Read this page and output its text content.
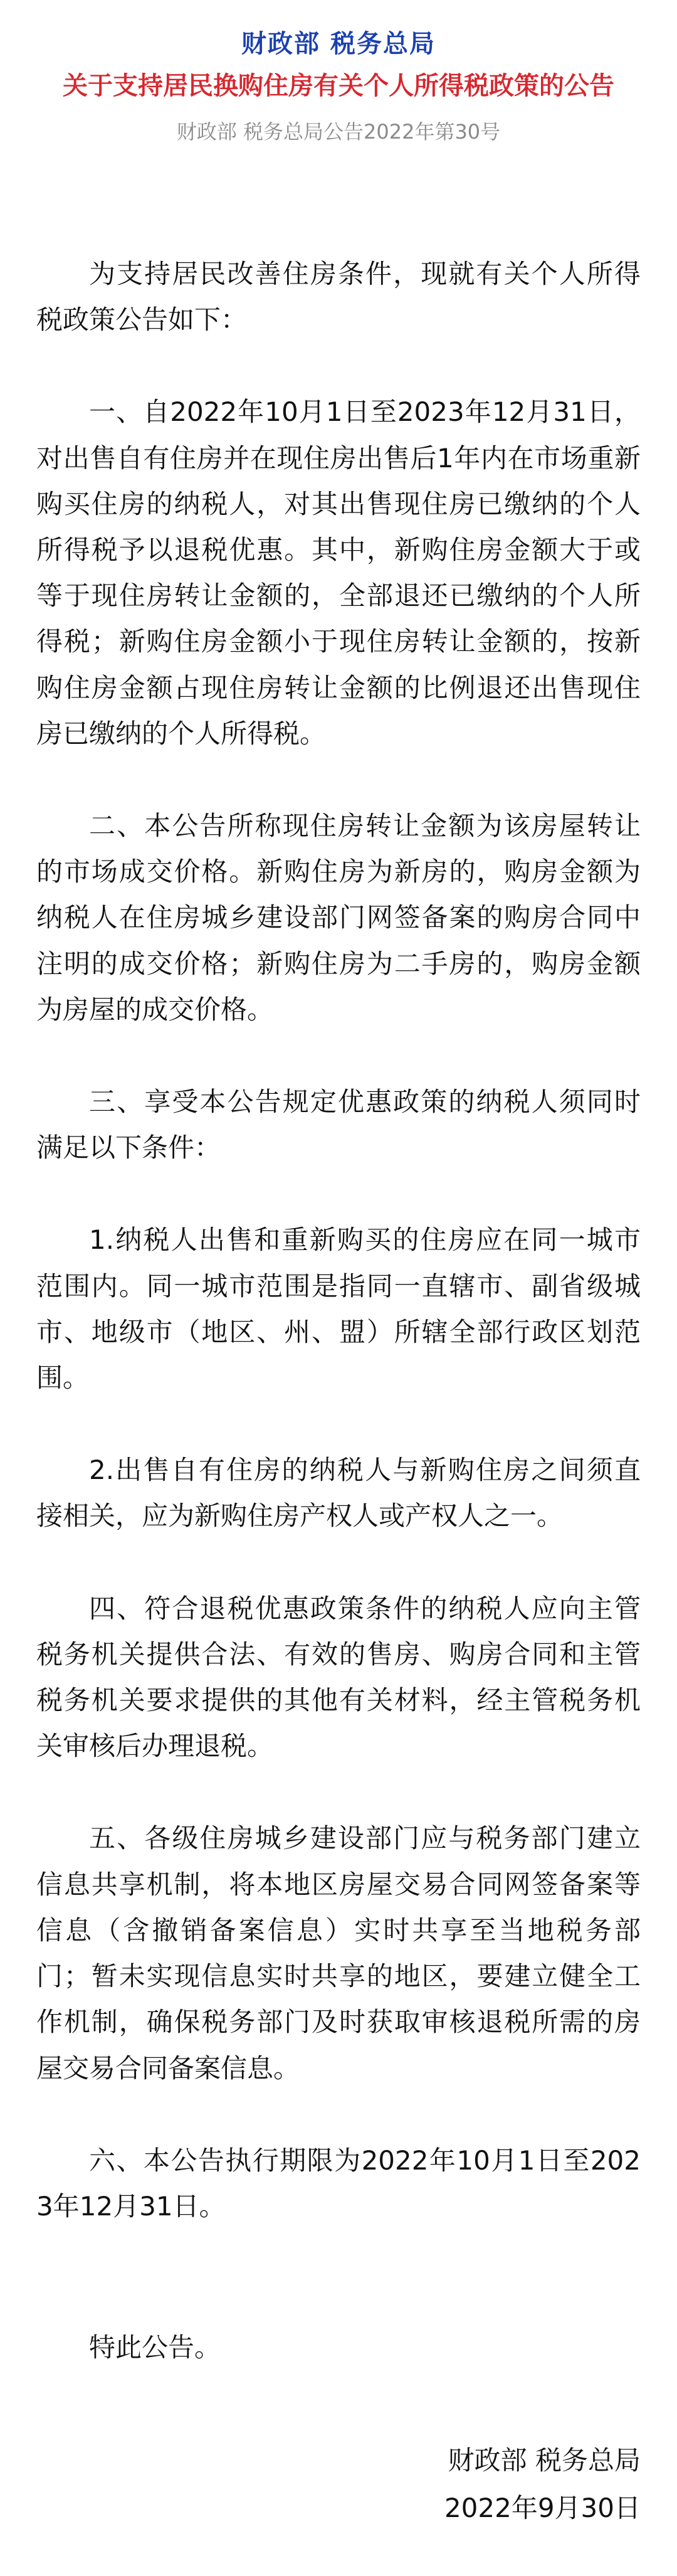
财政部 税务总局
关于支持居民换购住房有关个人所得税政策的公告
财政部 税务总局公告2022年第30号

为支持居民改善住房条件，现就有关个人所得税政策公告如下：

一、自2022年10月1日至2023年12月31日，对出售自有住房并在现住房出售后1年内在市场重新购买住房的纳税人，对其出售现住房已缴纳的个人所得税予以退税优惠。其中，新购住房金额大于或等于现住房转让金额的，全部退还已缴纳的个人所得税；新购住房金额小于现住房转让金额的，按新购住房金额占现住房转让金额的比例退还出售现住房已缴纳的个人所得税。

二、本公告所称现住房转让金额为该房屋转让的市场成交价格。新购住房为新房的，购房金额为纳税人在住房城乡建设部门网签备案的购房合同中注明的成交价格；新购住房为二手房的，购房金额为房屋的成交价格。

三、享受本公告规定优惠政策的纳税人须同时满足以下条件：

1.纳税人出售和重新购买的住房应在同一城市范围内。同一城市范围是指同一直辖市、副省级城市、地级市（地区、州、盟）所辖全部行政区划范围。

2.出售自有住房的纳税人与新购住房之间须直接相关，应为新购住房产权人或产权人之一。

四、符合退税优惠政策条件的纳税人应向主管税务机关提供合法、有效的售房、购房合同和主管税务机关要求提供的其他有关材料，经主管税务机关审核后办理退税。

五、各级住房城乡建设部门应与税务部门建立信息共享机制，将本地区房屋交易合同网签备案等信息（含撤销备案信息）实时共享至当地税务部门；暂未实现信息实时共享的地区，要建立健全工作机制，确保税务部门及时获取审核退税所需的房屋交易合同备案信息。

六、本公告执行期限为2022年10月1日至2023年12月31日。

特此公告。
财政部 税务总局
2022年9月30日
